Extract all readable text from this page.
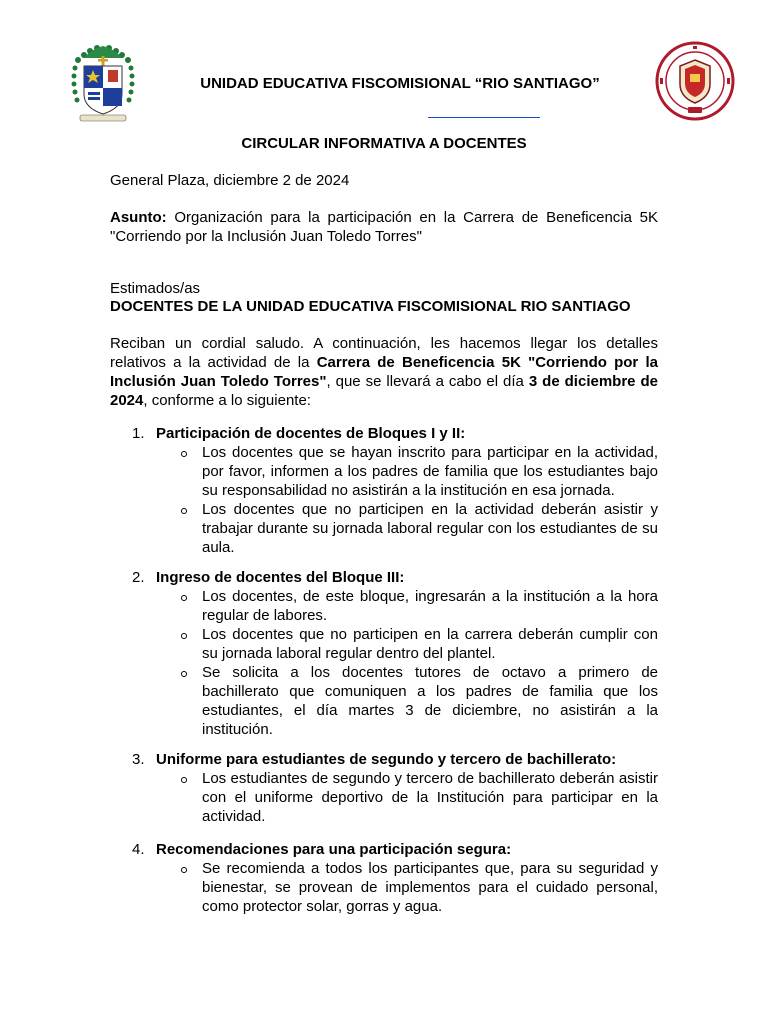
UNIDAD EDUCATIVA FISCOMISIONAL “RIO SANTIAGO”
CIRCULAR INFORMATIVA A DOCENTES

General Plaza, diciembre 2 de 2024

Asunto: Organización para la participación en la Carrera de Beneficencia 5K "Corriendo por la Inclusión Juan Toledo Torres"

Estimados/as

DOCENTES DE LA UNIDAD EDUCATIVA FISCOMISIONAL RIO SANTIAGO

Reciban un cordial saludo. A continuación, les hacemos llegar los detalles relativos a la actividad de la Carrera de Beneficencia 5K "Corriendo por la Inclusión Juan Toledo Torres", que se llevará a cabo el día 3 de diciembre de 2024, conforme a lo siguiente:

1. Participación de docentes de Bloques I y II:

Los docentes que se hayan inscrito para participar en la actividad, por favor, informen a los padres de familia que los estudiantes bajo su responsabilidad no asistirán a la institución en esa jornada.
Los docentes que no participen en la actividad deberán asistir y trabajar durante su jornada laboral regular con los estudiantes de su aula.

2. Ingreso de docentes del Bloque III:

Los docentes, de este bloque, ingresarán a la institución a la hora regular de labores.
Los docentes que no participen en la carrera deberán cumplir con su jornada laboral regular dentro del plantel.
Se solicita a los docentes tutores de octavo a primero de bachillerato que comuniquen a los padres de familia que los estudiantes, el día martes 3 de diciembre, no asistirán a la institución.

3. Uniforme para estudiantes de segundo y tercero de bachillerato:

Los estudiantes de segundo y tercero de bachillerato deberán asistir con el uniforme deportivo de la Institución para participar en la actividad.

4. Recomendaciones para una participación segura:

Se recomienda a todos los participantes que, para su seguridad y bienestar, se provean de implementos para el cuidado personal, como protector solar, gorras y agua.
